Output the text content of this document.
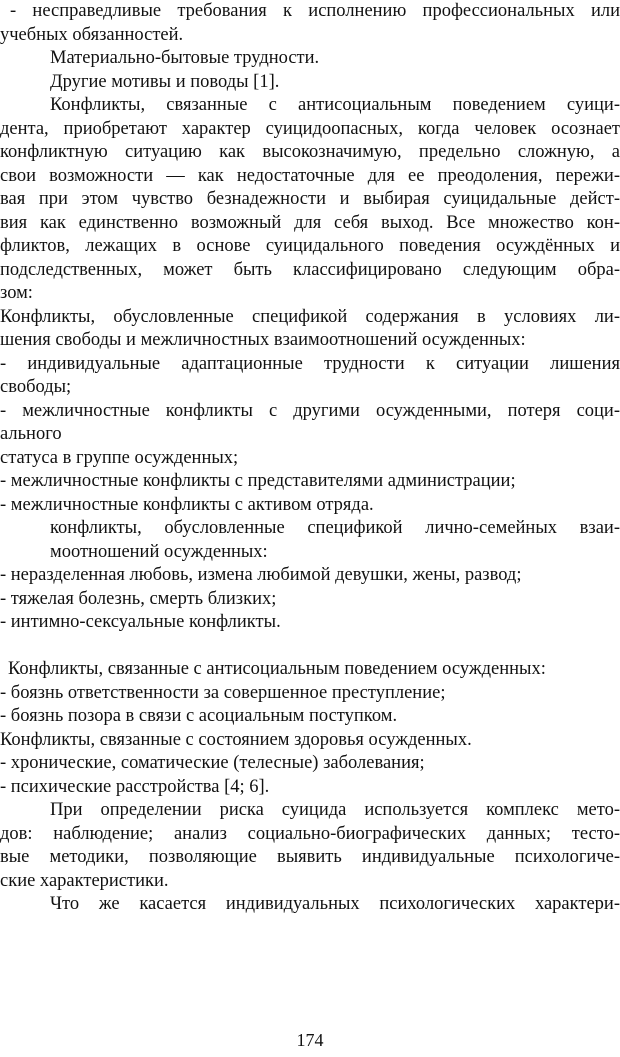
- несправедливые требования к исполнению профессиональных или
учебных обязанностей.
Материально-бытовые трудности.
Другие мотивы и поводы [1].
Конфликты, связанные с антисоциальным поведением суици-
дента, приобретают характер суицидоопасных, когда человек осознает
конфликтную ситуацию как высокозначимую, предельно сложную, а
свои возможности — как недостаточные для ее преодоления, пережи-
вая при этом чувство безнадежности и выбирая суицидальные дейст-
вия как единственно возможный для себя выход. Все множество кон-
фликтов, лежащих в основе суицидального поведения осуждённых и
подследственных, может быть классифицировано следующим обра-
зом:
Конфликты, обусловленные спецификой содержания в условиях ли-
шения свободы и межличностных взаимоотношений осужденных:
- индивидуальные адаптационные трудности к ситуации лишения
свободы;
- межличностные конфликты с другими осужденными, потеря соци-
ального
статуса в группе осужденных;
- межличностные конфликты с представителями администрации;
- межличностные конфликты с активом отряда.
конфликты, обусловленные спецификой лично-семейных взаи-
моотношений осужденных:
- неразделенная любовь, измена любимой девушки, жены, развод;
- тяжелая болезнь, смерть близких;
- интимно-сексуальные конфликты.
Конфликты, связанные с антисоциальным поведением осужденных:
- боязнь ответственности за совершенное преступление;
- боязнь позора в связи с асоциальным поступком.
Конфликты, связанные с состоянием здоровья осужденных.
- хронические, соматические (телесные) заболевания;
- психические расстройства [4; 6].
При определении риска суицида используется комплекс мето-
дов: наблюдение; анализ социально-биографических данных; тесто-
вые методики, позволяющие выявить индивидуальные психологиче-
ские характеристики.
Что же касается индивидуальных психологических характери-
174
